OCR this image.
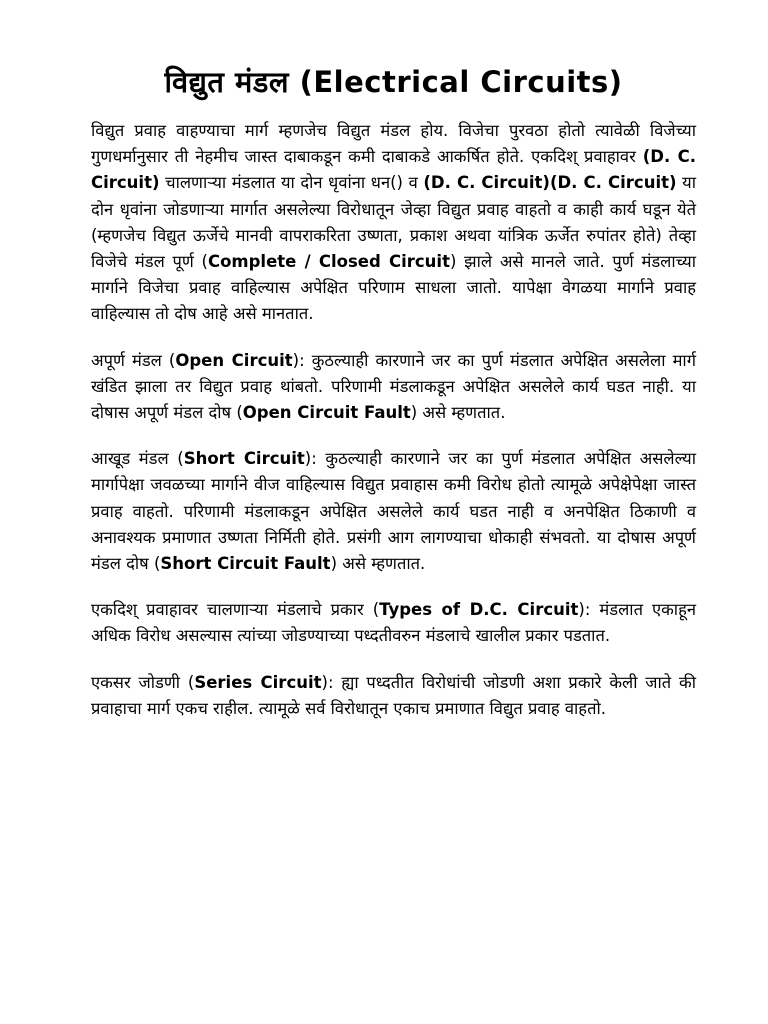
विद्युत मंडल (Electrical Circuits)

विद्युत प्रवाह वाहण्याचा मार्ग म्हणजेच विद्युत मंडल होय. विजेचा पुरवठा होतो त्यावेळी विजेच्या गुणधर्मानुसार ती नेहमीच जास्त दाबाकडून कमी दाबाकडे आकर्षित होते. एकदिश् प्रवाहावर (D. C. Circuit) चालणाऱ्या मंडलात या दोन धृवांना धन() व (D. C. Circuit)(D. C. Circuit) या दोन धृवांना जोडणाऱ्या मार्गात असलेल्या विरोधातून जेव्हा विद्युत प्रवाह वाहतो व काही कार्य घडून येते (म्हणजेच विद्युत ऊर्जेचे मानवी वापराकरिता उष्णता, प्रकाश अथवा यांत्रिक ऊर्जेत रुपांतर होते) तेव्हा विजेचे मंडल पूर्ण (Complete / Closed Circuit) झाले असे मानले जाते. पुर्ण मंडलाच्या मार्गाने विजेचा प्रवाह वाहिल्यास अपेक्षित परिणाम साधला जातो. यापेक्षा वेगळया मार्गाने प्रवाह वाहिल्यास तो दोष आहे असे मानतात.

अपूर्ण मंडल (Open Circuit): कुठल्याही कारणाने जर का पुर्ण मंडलात अपेक्षित असलेला मार्ग खंडित झाला तर विद्युत प्रवाह थांबतो. परिणामी मंडलाकडून अपेक्षित असलेले कार्य घडत नाही. या दोषास अपूर्ण मंडल दोष (Open Circuit Fault) असे म्हणतात.

आखूड मंडल (Short Circuit): कुठल्याही कारणाने जर का पुर्ण मंडलात अपेक्षित असलेल्या मार्गापेक्षा जवळच्या मार्गाने वीज वाहिल्यास विद्युत प्रवाहास कमी विरोध होतो त्यामूळे अपेक्षेपेक्षा जास्त प्रवाह वाहतो. परिणामी मंडलाकडून अपेक्षित असलेले कार्य घडत नाही व अनपेक्षित ठिकाणी व अनावश्यक प्रमाणात उष्णता निर्मिती होते. प्रसंगी आग लागण्याचा धोकाही संभवतो. या दोषास अपूर्ण मंडल दोष (Short Circuit Fault) असे म्हणतात.

एकदिश् प्रवाहावर चालणाऱ्या मंडलाचे प्रकार (Types of D.C. Circuit): मंडलात एकाहून अधिक विरोध असल्यास त्यांच्या जोडण्याच्या पध्दतीवरुन मंडलाचे खालील प्रकार पडतात.

एकसर जोडणी (Series Circuit): ह्या पध्दतीत विरोधांची जोडणी अशा प्रकारे केली जाते की प्रवाहाचा मार्ग एकच राहील. त्यामूळे सर्व विरोधातून एकाच प्रमाणात विद्युत प्रवाह वाहतो.
